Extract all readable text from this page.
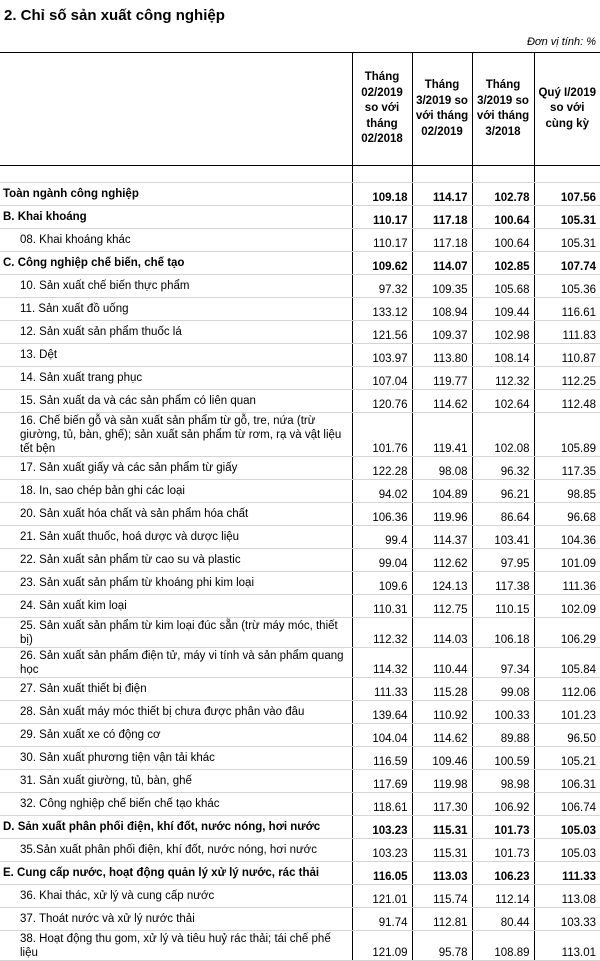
2. Chỉ số sản xuất công nghiệp
Đơn vị tính: %
	Tháng 02/2019 so với tháng 02/2018	Tháng 3/2019 so với tháng 02/2019	Tháng 3/2019 so với tháng 3/2018	Quý I/2019 so với cùng kỳ

Toàn ngành công nghiệp	109.18	114.17	102.78	107.56
B. Khai khoáng	110.17	117.18	100.64	105.31
08. Khai khoáng khác	110.17	117.18	100.64	105.31
C. Công nghiệp chế biến, chế tạo	109.62	114.07	102.85	107.74
10. Sản xuất chế biến thực phẩm	97.32	109.35	105.68	105.36
11. Sản xuất đồ uống	133.12	108.94	109.44	116.61
12. Sản xuất sản phẩm thuốc lá	121.56	109.37	102.98	111.83
13. Dệt	103.97	113.80	108.14	110.87
14. Sản xuất trang phục	107.04	119.77	112.32	112.25
15. Sản xuất da và các sản phẩm có liên quan	120.76	114.62	102.64	112.48
16. Chế biến gỗ và sản xuất sản phẩm từ gỗ, tre, nứa (trừ giường, tủ, bàn, ghế); sản xuất sản phẩm từ rơm, rạ và vật liệu tết bện	101.76	119.41	102.08	105.89
17. Sản xuất giấy và các sản phẩm từ giấy	122.28	98.08	96.32	117.35
18. In, sao chép bản ghi các loại	94.02	104.89	96.21	98.85
20. Sản xuất hóa chất và sản phẩm hóa chất	106.36	119.96	86.64	96.68
21. Sản xuất thuốc, hoá dược và dược liệu	99.4	114.37	103.41	104.36
22. Sản xuất sản phẩm từ cao su và plastic	99.04	112.62	97.95	101.09
23. Sản xuất sản phẩm từ khoáng phi kim loại	109.6	124.13	117.38	111.36
24. Sản xuất kim loại	110.31	112.75	110.15	102.09
25. Sản xuất sản phẩm từ kim loại đúc sẵn (trừ máy móc, thiết bị)	112.32	114.03	106.18	106.29
26. Sản xuất sản phẩm điện tử, máy vi tính và sản phẩm quang học	114.32	110.44	97.34	105.84
27. Sản xuất thiết bị điện	111.33	115.28	99.08	112.06
28. Sản xuất máy móc thiết bị chưa được phân vào đâu	139.64	110.92	100.33	101.23
29. Sản xuất xe có động cơ	104.04	114.62	89.88	96.50
30. Sản xuất phương tiện vận tải khác	116.59	109.46	100.59	105.21
31. Sản xuất giường, tủ, bàn, ghế	117.69	119.98	98.98	106.31
32. Công nghiệp chế biến chế tạo khác	118.61	117.30	106.92	106.74
D. Sản xuất phân phối điện, khí đốt, nước nóng, hơi nước	103.23	115.31	101.73	105.03
35.Sản xuất phân phối điện, khí đốt, nước nóng, hơi nước	103.23	115.31	101.73	105.03
E. Cung cấp nước, hoạt động quản lý xử lý nước, rác thải	116.05	113.03	106.23	111.33
36. Khai thác, xử lý và cung cấp nước	121.01	115.74	112.14	113.08
37. Thoát nước và xử lý nước thải	91.74	112.81	80.44	103.33
38. Hoạt động thu gom, xử lý và tiêu huỷ rác thải; tái chế phế liệu	121.09	95.78	108.89	113.01
